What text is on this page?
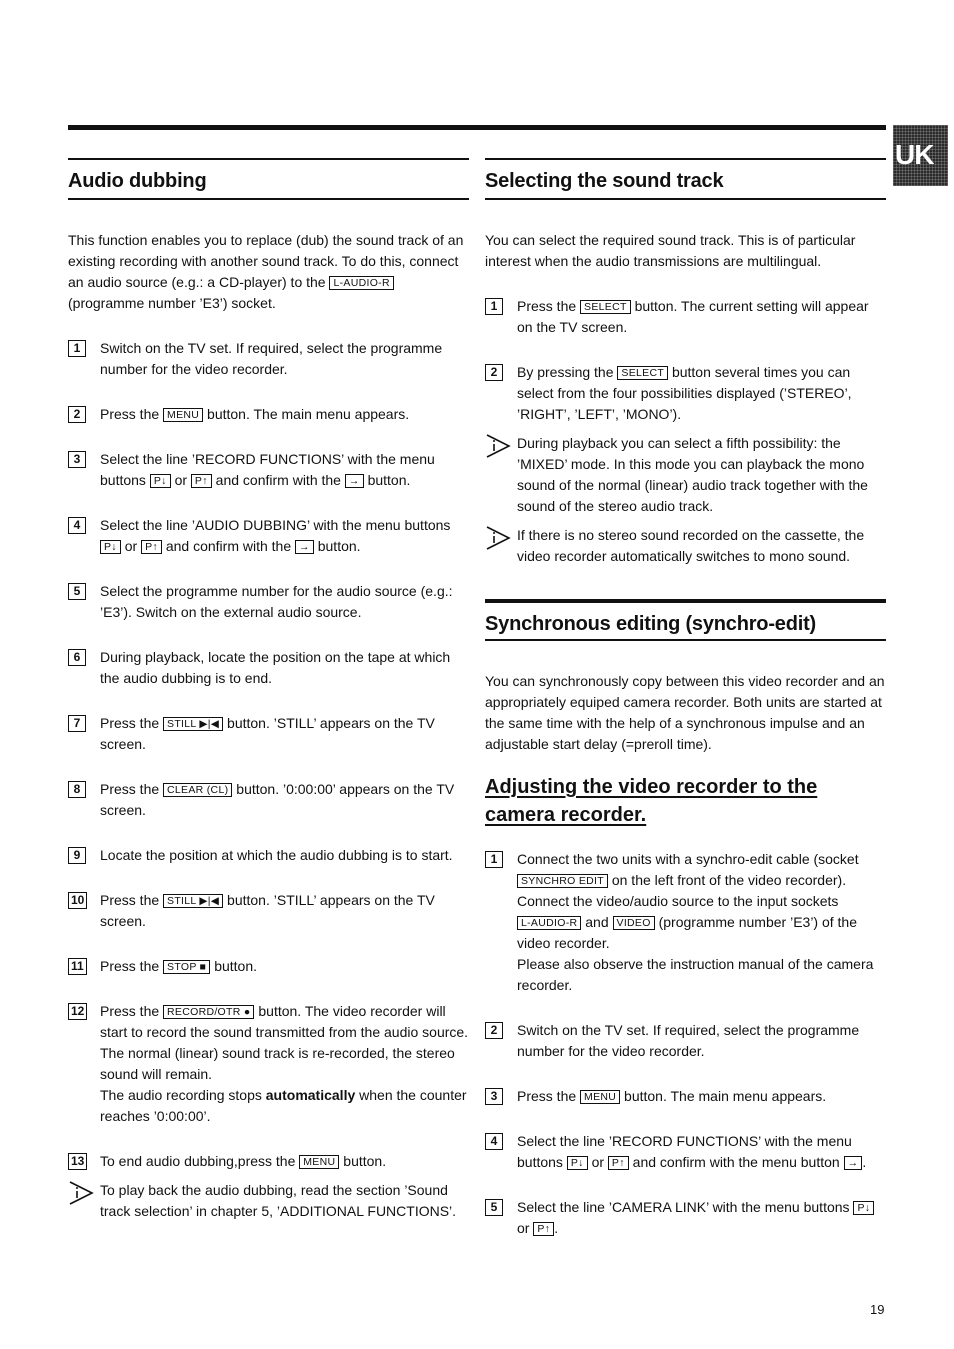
UK
Audio dubbing
This function enables you to replace (dub) the sound track of an existing recording with another sound track. To do this, connect an audio source (e.g.: a CD-player) to the L-AUDIO-R (programme number ’E3’) socket.
1	Switch on the TV set. If required, select the programme number for the video recorder.
2	Press the MENU button. The main menu appears.
3	Select the line ’RECORD FUNCTIONS’ with the menu buttons P↓ or P↑ and confirm with the → button.
4	Select the line ’AUDIO DUBBING’ with the menu buttons P↓ or P↑ and confirm with the → button.
5	Select the programme number for the audio source (e.g.: ’E3’). Switch on the external audio source.
6	During playback, locate the position on the tape at which the audio dubbing is to end.
7	Press the STILL ▶|◀ button. ’STILL’ appears on the TV screen.
8	Press the CLEAR (CL) button. ’0:00:00’ appears on the TV screen.
9	Locate the position at which the audio dubbing is to start.
10 Press the STILL ▶|◀ button. ’STILL’ appears on the TV screen.
11 Press the STOP ■ button.
12 Press the RECORD/OTR ● button. The video recorder will start to record the sound transmitted from the audio source. The normal (linear) sound track is re-recorded, the stereo sound will remain.
The audio recording stops automatically when the counter reaches ’0:00:00’.
13 To end audio dubbing,press the MENU button.
To play back the audio dubbing, read the section ’Sound track selection’ in chapter 5, ’ADDITIONAL FUNCTIONS’.
Selecting the sound track
You can select the required sound track. This is of particular interest when the audio transmissions are multilingual.
1	Press the SELECT button. The current setting will appear on the TV screen.
2	By pressing the SELECT button several times you can select from the four possibilities displayed (’STEREO’, ’RIGHT’, ’LEFT’, ’MONO’).
During playback you can select a fifth possibility: the ’MIXED’ mode. In this mode you can playback the mono sound of the normal (linear) audio track together with the sound of the stereo audio track.
If there is no stereo sound recorded on the cassette, the video recorder automatically switches to mono sound.
Synchronous editing (synchro-edit)
You can synchronously copy between this video recorder and an appropriately equiped camera recorder. Both units are started at the same time with the help of a synchronous impulse and an adjustable start delay (=preroll time).
Adjusting the video recorder to the camera recorder.
1	Connect the two units with a synchro-edit cable (socket SYNCHRO EDIT on the left front of the video recorder).
Connect the video/audio source to the input sockets L-AUDIO-R and VIDEO (programme number ’E3’) of the video recorder.
Please also observe the instruction manual of the camera recorder.
2	Switch on the TV set. If required, select the programme number for the video recorder.
3	Press the MENU button. The main menu appears.
4	Select the line ’RECORD FUNCTIONS’ with the menu buttons P↓ or P↑ and confirm with the menu button → .
5	Select the line ’CAMERA LINK’ with the menu buttons P↓ or P↑ .
19
